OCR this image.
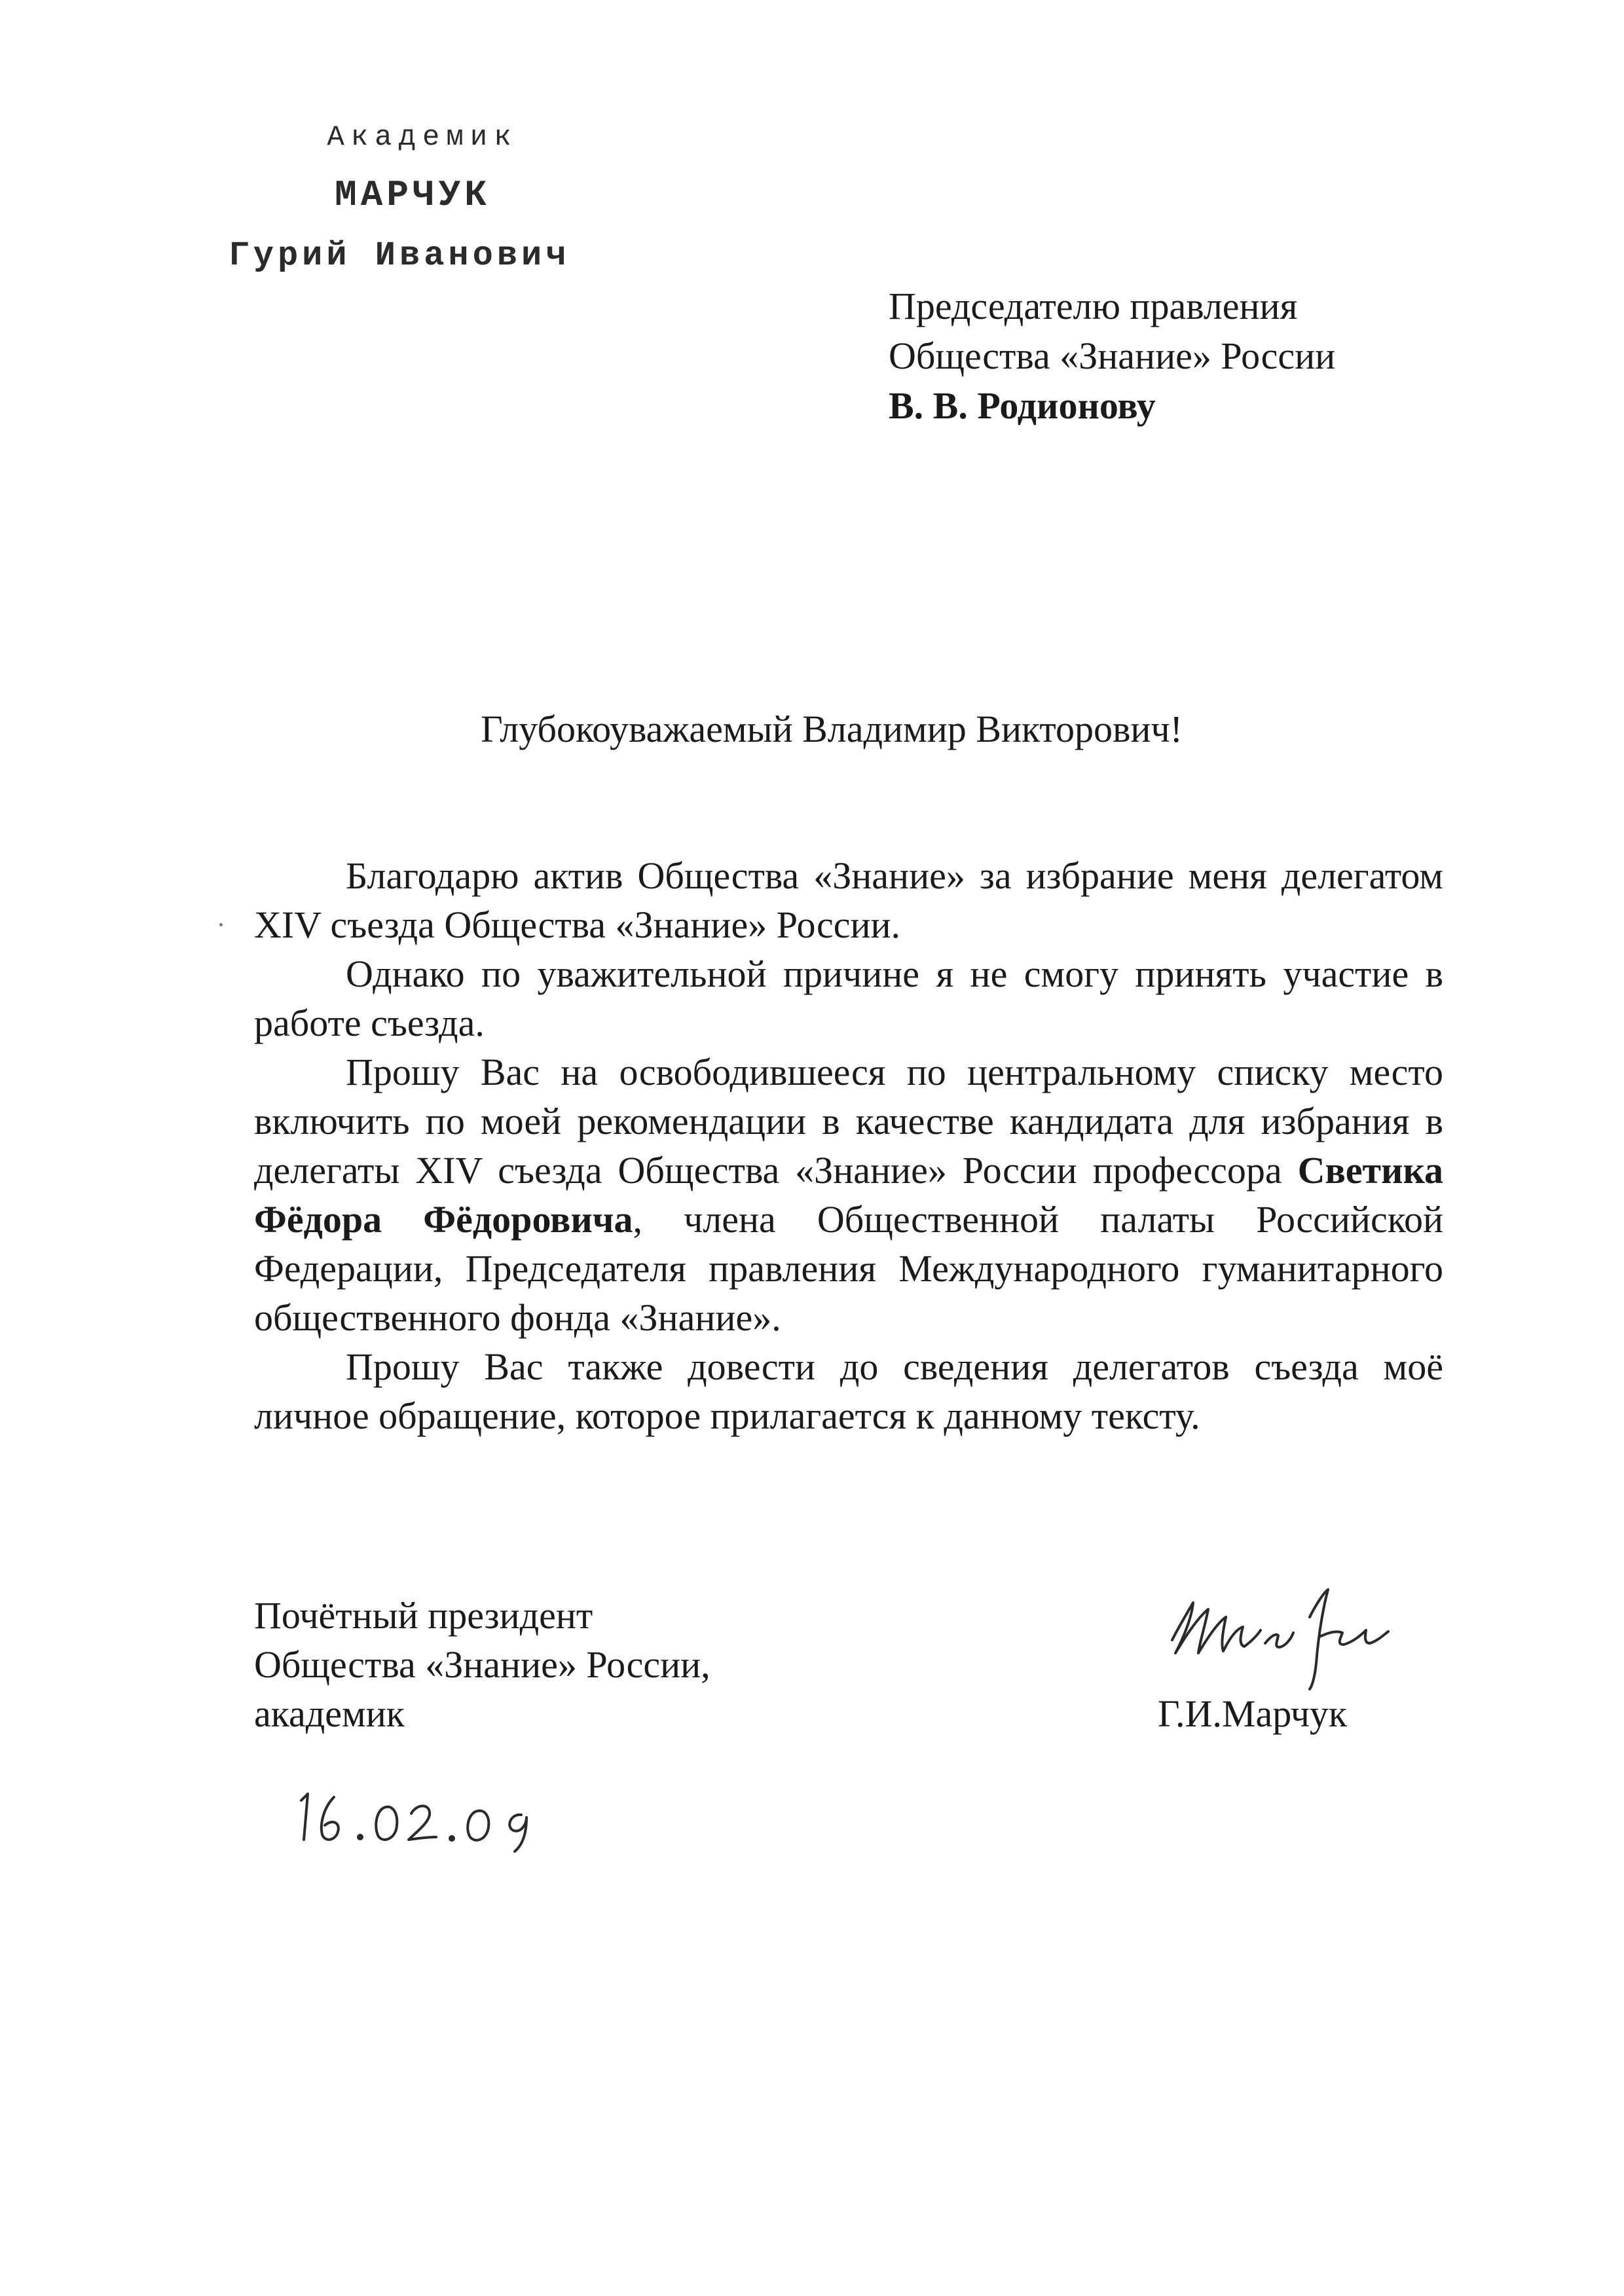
Академик
МАРЧУК
Гурий Иванович
Председателю правления
Общества «Знание» России
В. В. Родионову
Глубокоуважаемый Владимир Викторович!

Благодарю актив Общества «Знание» за избрание меня делегатом XIV съезда Общества «Знание» России.

Однако по уважительной причине я не смогу принять участие в работе съезда.

Прошу Вас на освободившееся по центральному списку место включить по моей рекомендации в качестве кандидата для избрания в делегаты XIV съезда Общества «Знание» России профессора Светика Фёдора Фёдоровича, члена Общественной палаты Российской Федерации, Председателя правления Международного гуманитарного общественного фонда «Знание».

Прошу Вас также довести до сведения делегатов съезда моё личное обращение, которое прилагается к данному тексту.

Почётный президент
Общества «Знание» России,
академик	Г.И.Марчук
